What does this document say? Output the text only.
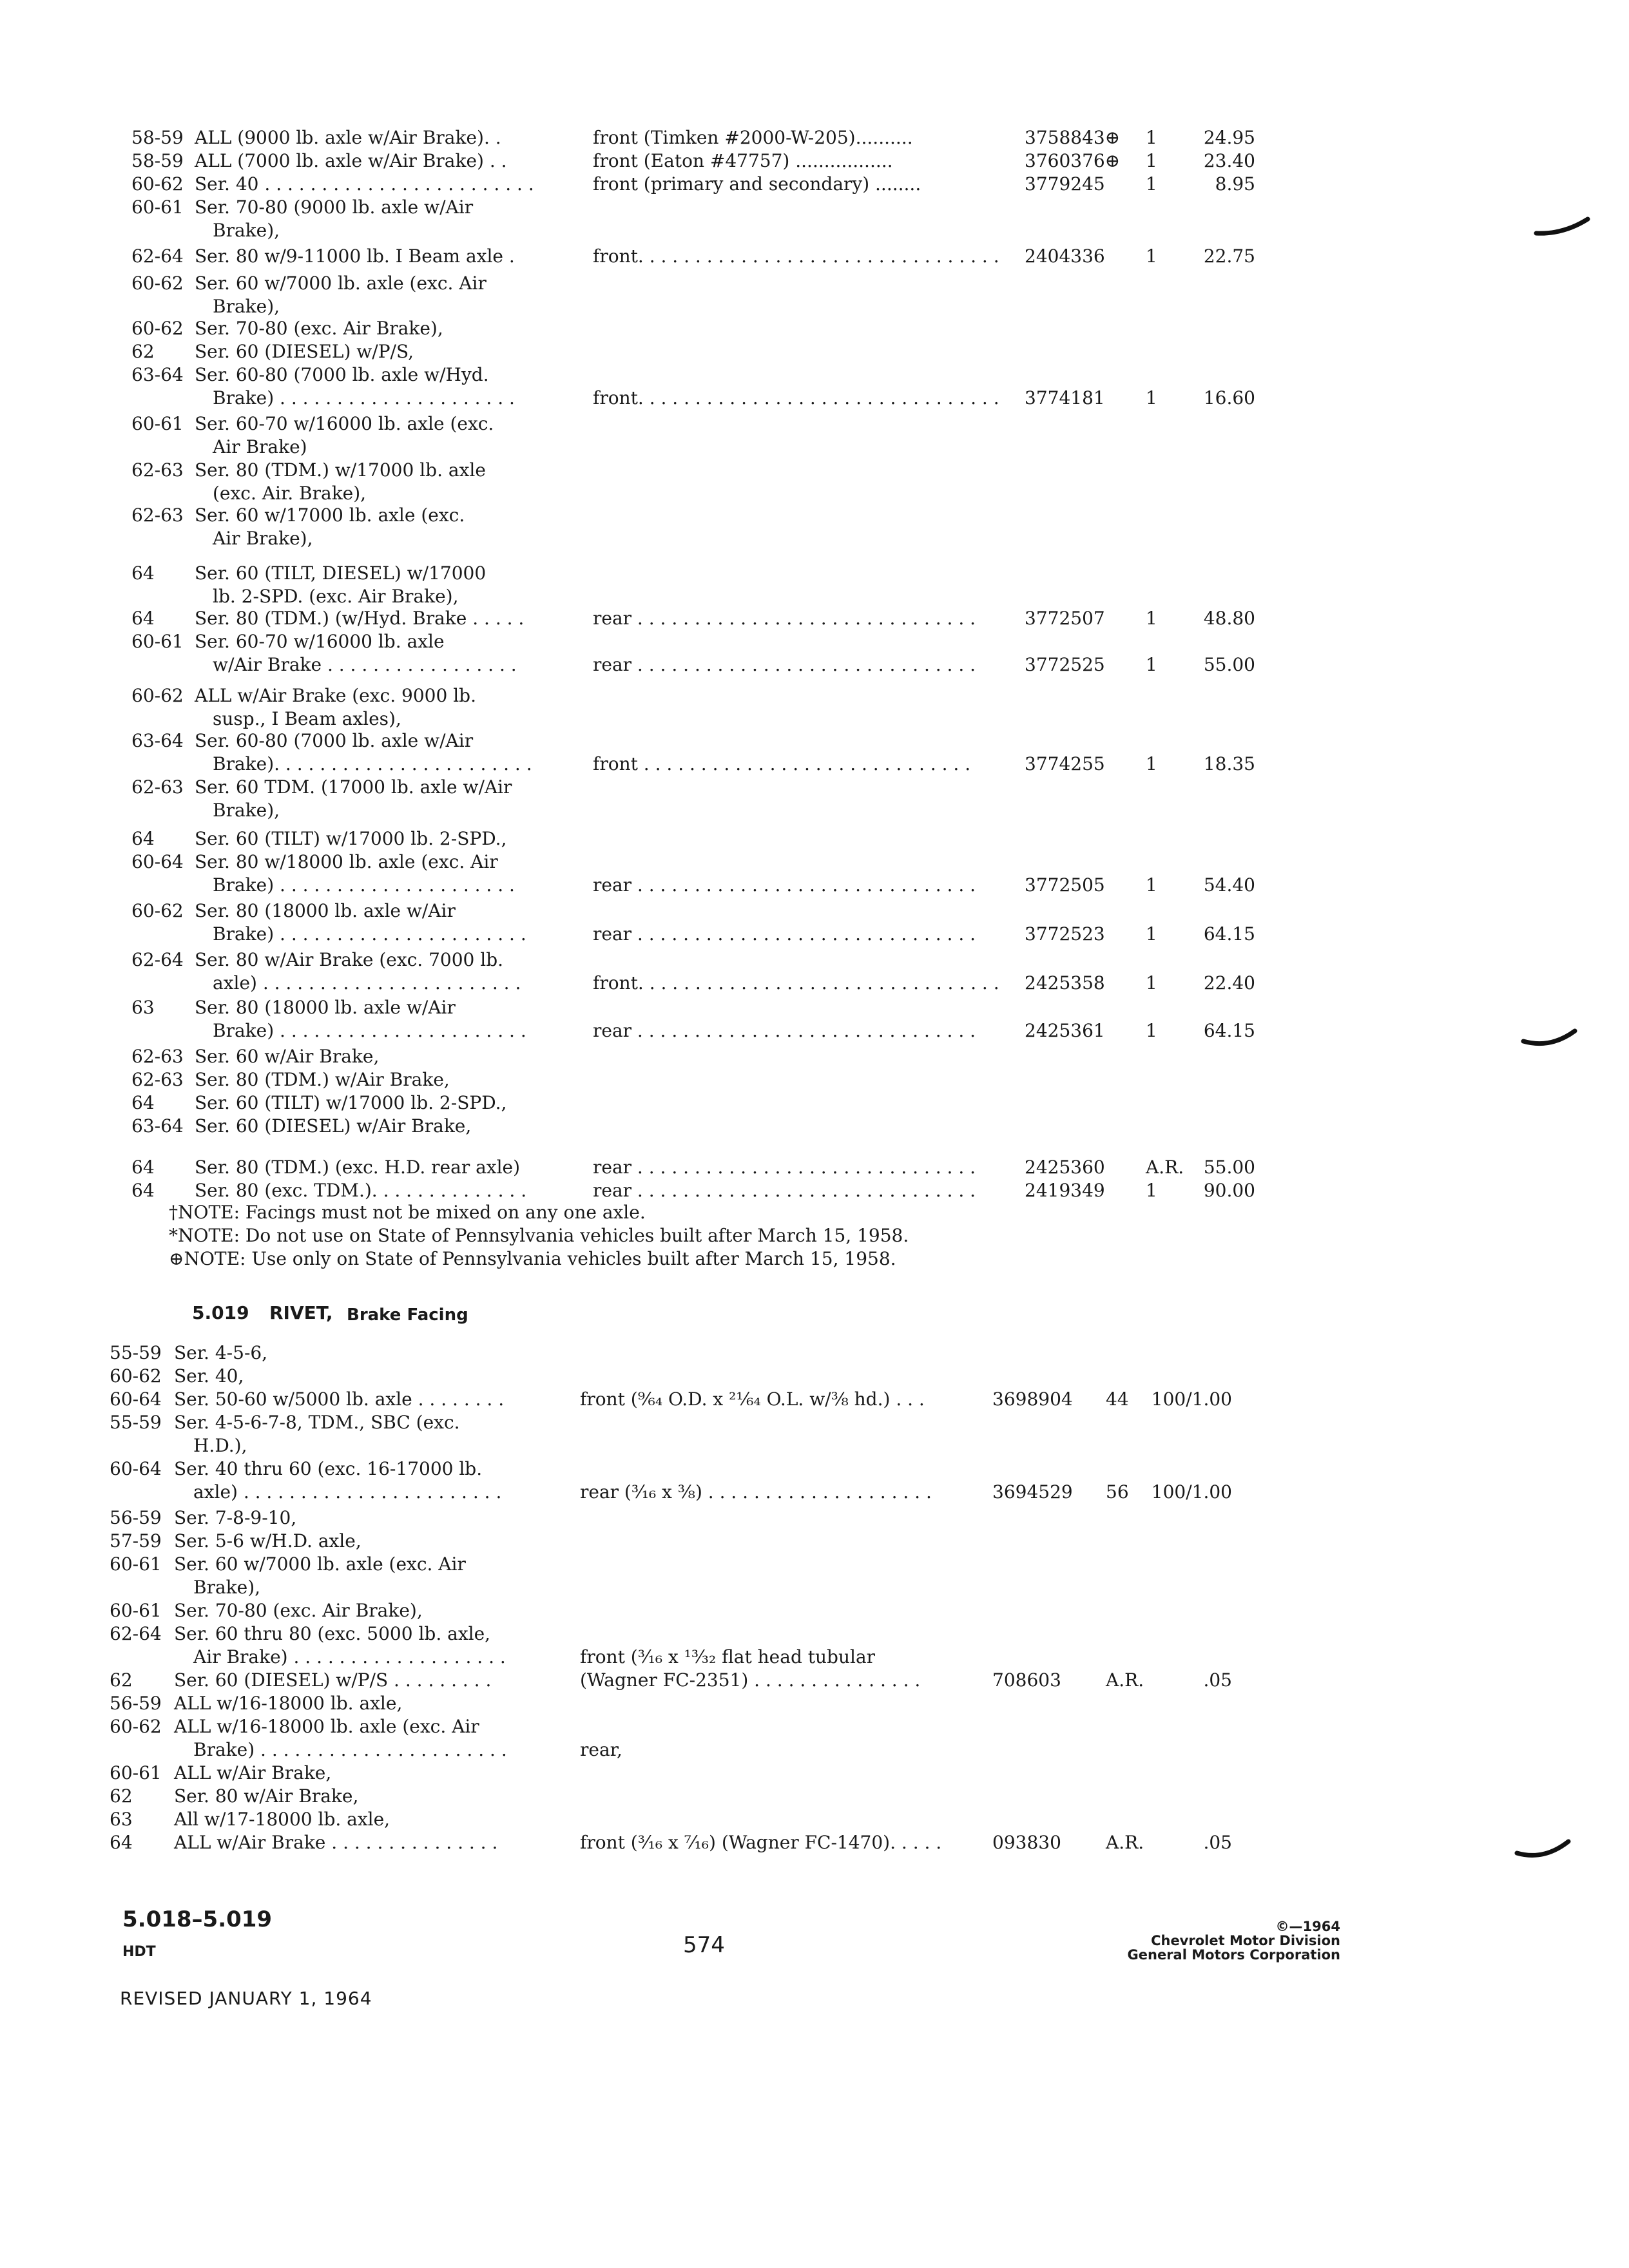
58-59 ALL (9000 lb. axle w/Air Brake). .	front (Timken #2000-W-205)..........	3758843⊕ 1	24.95
58-59 ALL (7000 lb. axle w/Air Brake) . .	front (Eaton #47757) .................	3760376⊕ 1	23.40
60-62 Ser. 40 . . . . . . . . . . . . . . . . . . . . . . . .	front (primary and secondary) ........	3779245 1	8.95
60-61 Ser. 70-80 (9000 lb. axle w/Air
Brake),
62-64 Ser. 80 w/9-11000 lb. I Beam axle .	front. . . . . . . . . . . . . . . . . . . . . . . . . . . . . . . . 2404336 1	22.75
60-62 Ser. 60 w/7000 lb. axle (exc. Air
Brake),
60-62 Ser. 70-80 (exc. Air Brake),
62 Ser. 60 (DIESEL) w/P/S,
63-64 Ser. 60-80 (7000 lb. axle w/Hyd.
Brake) . . . . . . . . . . . . . . . . . . . . .	front. . . . . . . . . . . . . . . . . . . . . . . . . . . . . . . . 3774181 1	16.60
60-61 Ser. 60-70 w/16000 lb. axle (exc.
Air Brake)
62-63 Ser. 80 (TDM.) w/17000 lb. axle
(exc. Air. Brake),
62-63 Ser. 60 w/17000 lb. axle (exc.
Air Brake),
64 Ser. 60 (TILT, DIESEL) w/17000
lb. 2-SPD. (exc. Air Brake),
64 Ser. 80 (TDM.) (w/Hyd. Brake . . . . .	rear . . . . . . . . . . . . . . . . . . . . . . . . . . . . . .	3772507 1	48.80
60-61 Ser. 60-70 w/16000 lb. axle
w/Air Brake . . . . . . . . . . . . . . . . .	rear . . . . . . . . . . . . . . . . . . . . . . . . . . . . . .	3772525 1	55.00
60-62 ALL w/Air Brake (exc. 9000 lb.
susp., I Beam axles),
63-64 Ser. 60-80 (7000 lb. axle w/Air
Brake). . . . . . . . . . . . . . . . . . . . . . .	front . . . . . . . . . . . . . . . . . . . . . . . . . . . . .	3774255 1	18.35
62-63 Ser. 60 TDM. (17000 lb. axle w/Air
Brake),
64 Ser. 60 (TILT) w/17000 lb. 2-SPD.,
60-64 Ser. 80 w/18000 lb. axle (exc. Air
Brake) . . . . . . . . . . . . . . . . . . . . .	rear . . . . . . . . . . . . . . . . . . . . . . . . . . . . . .	3772505 1	54.40
60-62 Ser. 80 (18000 lb. axle w/Air
Brake) . . . . . . . . . . . . . . . . . . . . . .	rear . . . . . . . . . . . . . . . . . . . . . . . . . . . . . .	3772523 1	64.15
62-64 Ser. 80 w/Air Brake (exc. 7000 lb.
axle) . . . . . . . . . . . . . . . . . . . . . . .	front. . . . . . . . . . . . . . . . . . . . . . . . . . . . . . . . 2425358 1	22.40
63 Ser. 80 (18000 lb. axle w/Air
Brake) . . . . . . . . . . . . . . . . . . . . . .	rear . . . . . . . . . . . . . . . . . . . . . . . . . . . . . .	2425361 1	64.15
62-63 Ser. 60 w/Air Brake,
62-63 Ser. 80 (TDM.) w/Air Brake,
64 Ser. 60 (TILT) w/17000 lb. 2-SPD.,
63-64 Ser. 60 (DIESEL) w/Air Brake,
64 Ser. 80 (TDM.) (exc. H.D. rear axle)	rear . . . . . . . . . . . . . . . . . . . . . . . . . . . . . .	2425360 A.R.	55.00
64 Ser. 80 (exc. TDM.). . . . . . . . . . . . . .	rear . . . . . . . . . . . . . . . . . . . . . . . . . . . . . .	2419349 1	90.00
†NOTE: Facings must not be mixed on any one axle.
*NOTE: Do not use on State of Pennsylvania vehicles built after March 15, 1958.
⊕NOTE: Use only on State of Pennsylvania vehicles built after March 15, 1958.
5.019 RIVET, Brake Facing
55-59 Ser. 4-5-6,
60-62 Ser. 40,
60-64 Ser. 50-60 w/5000 lb. axle . . . . . . . .	front (⁹⁄₆₄ O.D. x ²¹⁄₆₄ O.L. w/⅜ hd.) . . .	3698904 44	100/1.00
55-59 Ser. 4-5-6-7-8, TDM., SBC (exc.
H.D.),
60-64 Ser. 40 thru 60 (exc. 16-17000 lb.
axle) . . . . . . . . . . . . . . . . . . . . . . .	rear (³⁄₁₆ x ⅜) . . . . . . . . . . . . . . . . . . . .	3694529 56	100/1.00
56-59 Ser. 7-8-9-10,
57-59 Ser. 5-6 w/H.D. axle,
60-61 Ser. 60 w/7000 lb. axle (exc. Air
Brake),
60-61 Ser. 70-80 (exc. Air Brake),
62-64 Ser. 60 thru 80 (exc. 5000 lb. axle,
Air Brake) . . . . . . . . . . . . . . . . . . .	front (³⁄₁₆ x ¹³⁄₃₂ flat head tubular
62 Ser. 60 (DIESEL) w/P/S . . . . . . . . .	(Wagner FC-2351) . . . . . . . . . . . . . . .	708603 A.R.	.05
56-59 ALL w/16-18000 lb. axle,
60-62 ALL w/16-18000 lb. axle (exc. Air
Brake) . . . . . . . . . . . . . . . . . . . . . .	rear,
60-61 ALL w/Air Brake,
62 Ser. 80 w/Air Brake,
63 All w/17-18000 lb. axle,
64 ALL w/Air Brake . . . . . . . . . . . . . . .	front (³⁄₁₆ x ⁷⁄₁₆) (Wagner FC-1470). . . . .	093830 A.R.	.05
5.018–5.019
HDT	574
REVISED JANUARY 1, 1964
©—1964
Chevrolet Motor Division
General Motors Corporation
